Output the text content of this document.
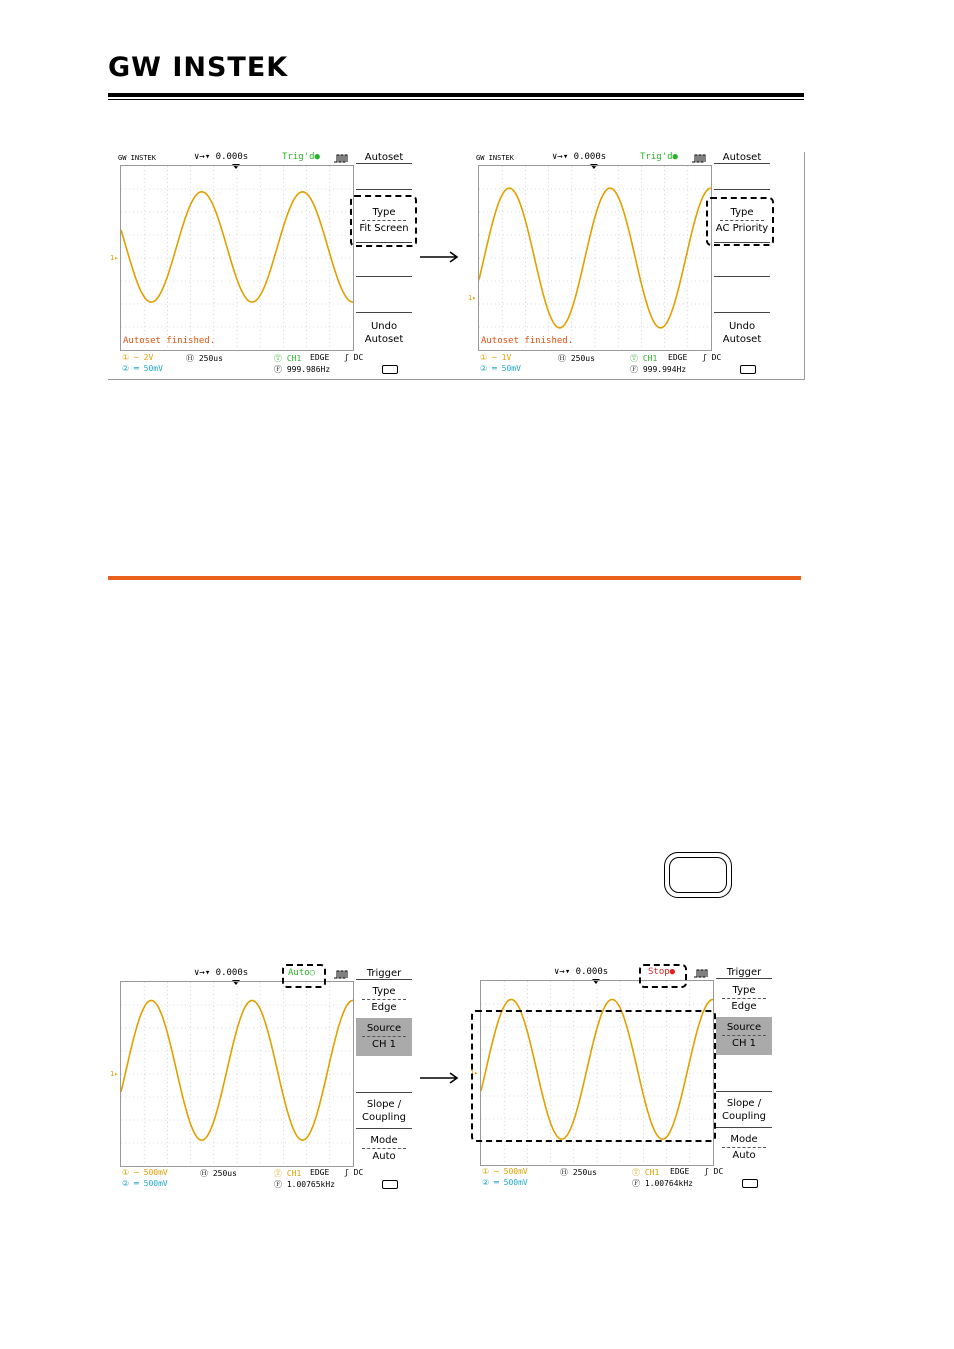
GW INSTEK
GW INSTEK	∨→▾ 0.000s	Trig'd●
1▸
Autoset finished.
Autoset
Type
Fit Screen
Undo
Autoset
① ─ 2V
② ═ 50mV
Ⓗ 250us	Ⓣ CH1 EDGE ʃ DC
Ⓕ 999.986Hz
GW INSTEK	∨→▾ 0.000s	Trig'd●
1▸
Autoset finished.
Autoset
Type
AC Priority
Undo
Autoset
① ─ 1V
② ═ 50mV
Ⓗ 250us	Ⓣ CH1 EDGE ʃ DC
Ⓕ 999.994Hz
∨→▾ 0.000s	Auto○
1▸
Trigger
Type
Edge
Source
CH 1
Slope /
Coupling
Mode
Auto
① ─ 500mV
② ═ 500mV
Ⓗ 250us	Ⓣ CH1 EDGE ʃ DC
Ⓕ 1.00765kHz
∨→▾ 0.000s	Stop●
1▸
Trigger
Type
Edge
Source
CH 1
Slope /
Coupling
Mode
Auto
① ─ 500mV
② ═ 500mV
Ⓗ 250us	Ⓣ CH1 EDGE ʃ DC
Ⓕ 1.00764kHz
